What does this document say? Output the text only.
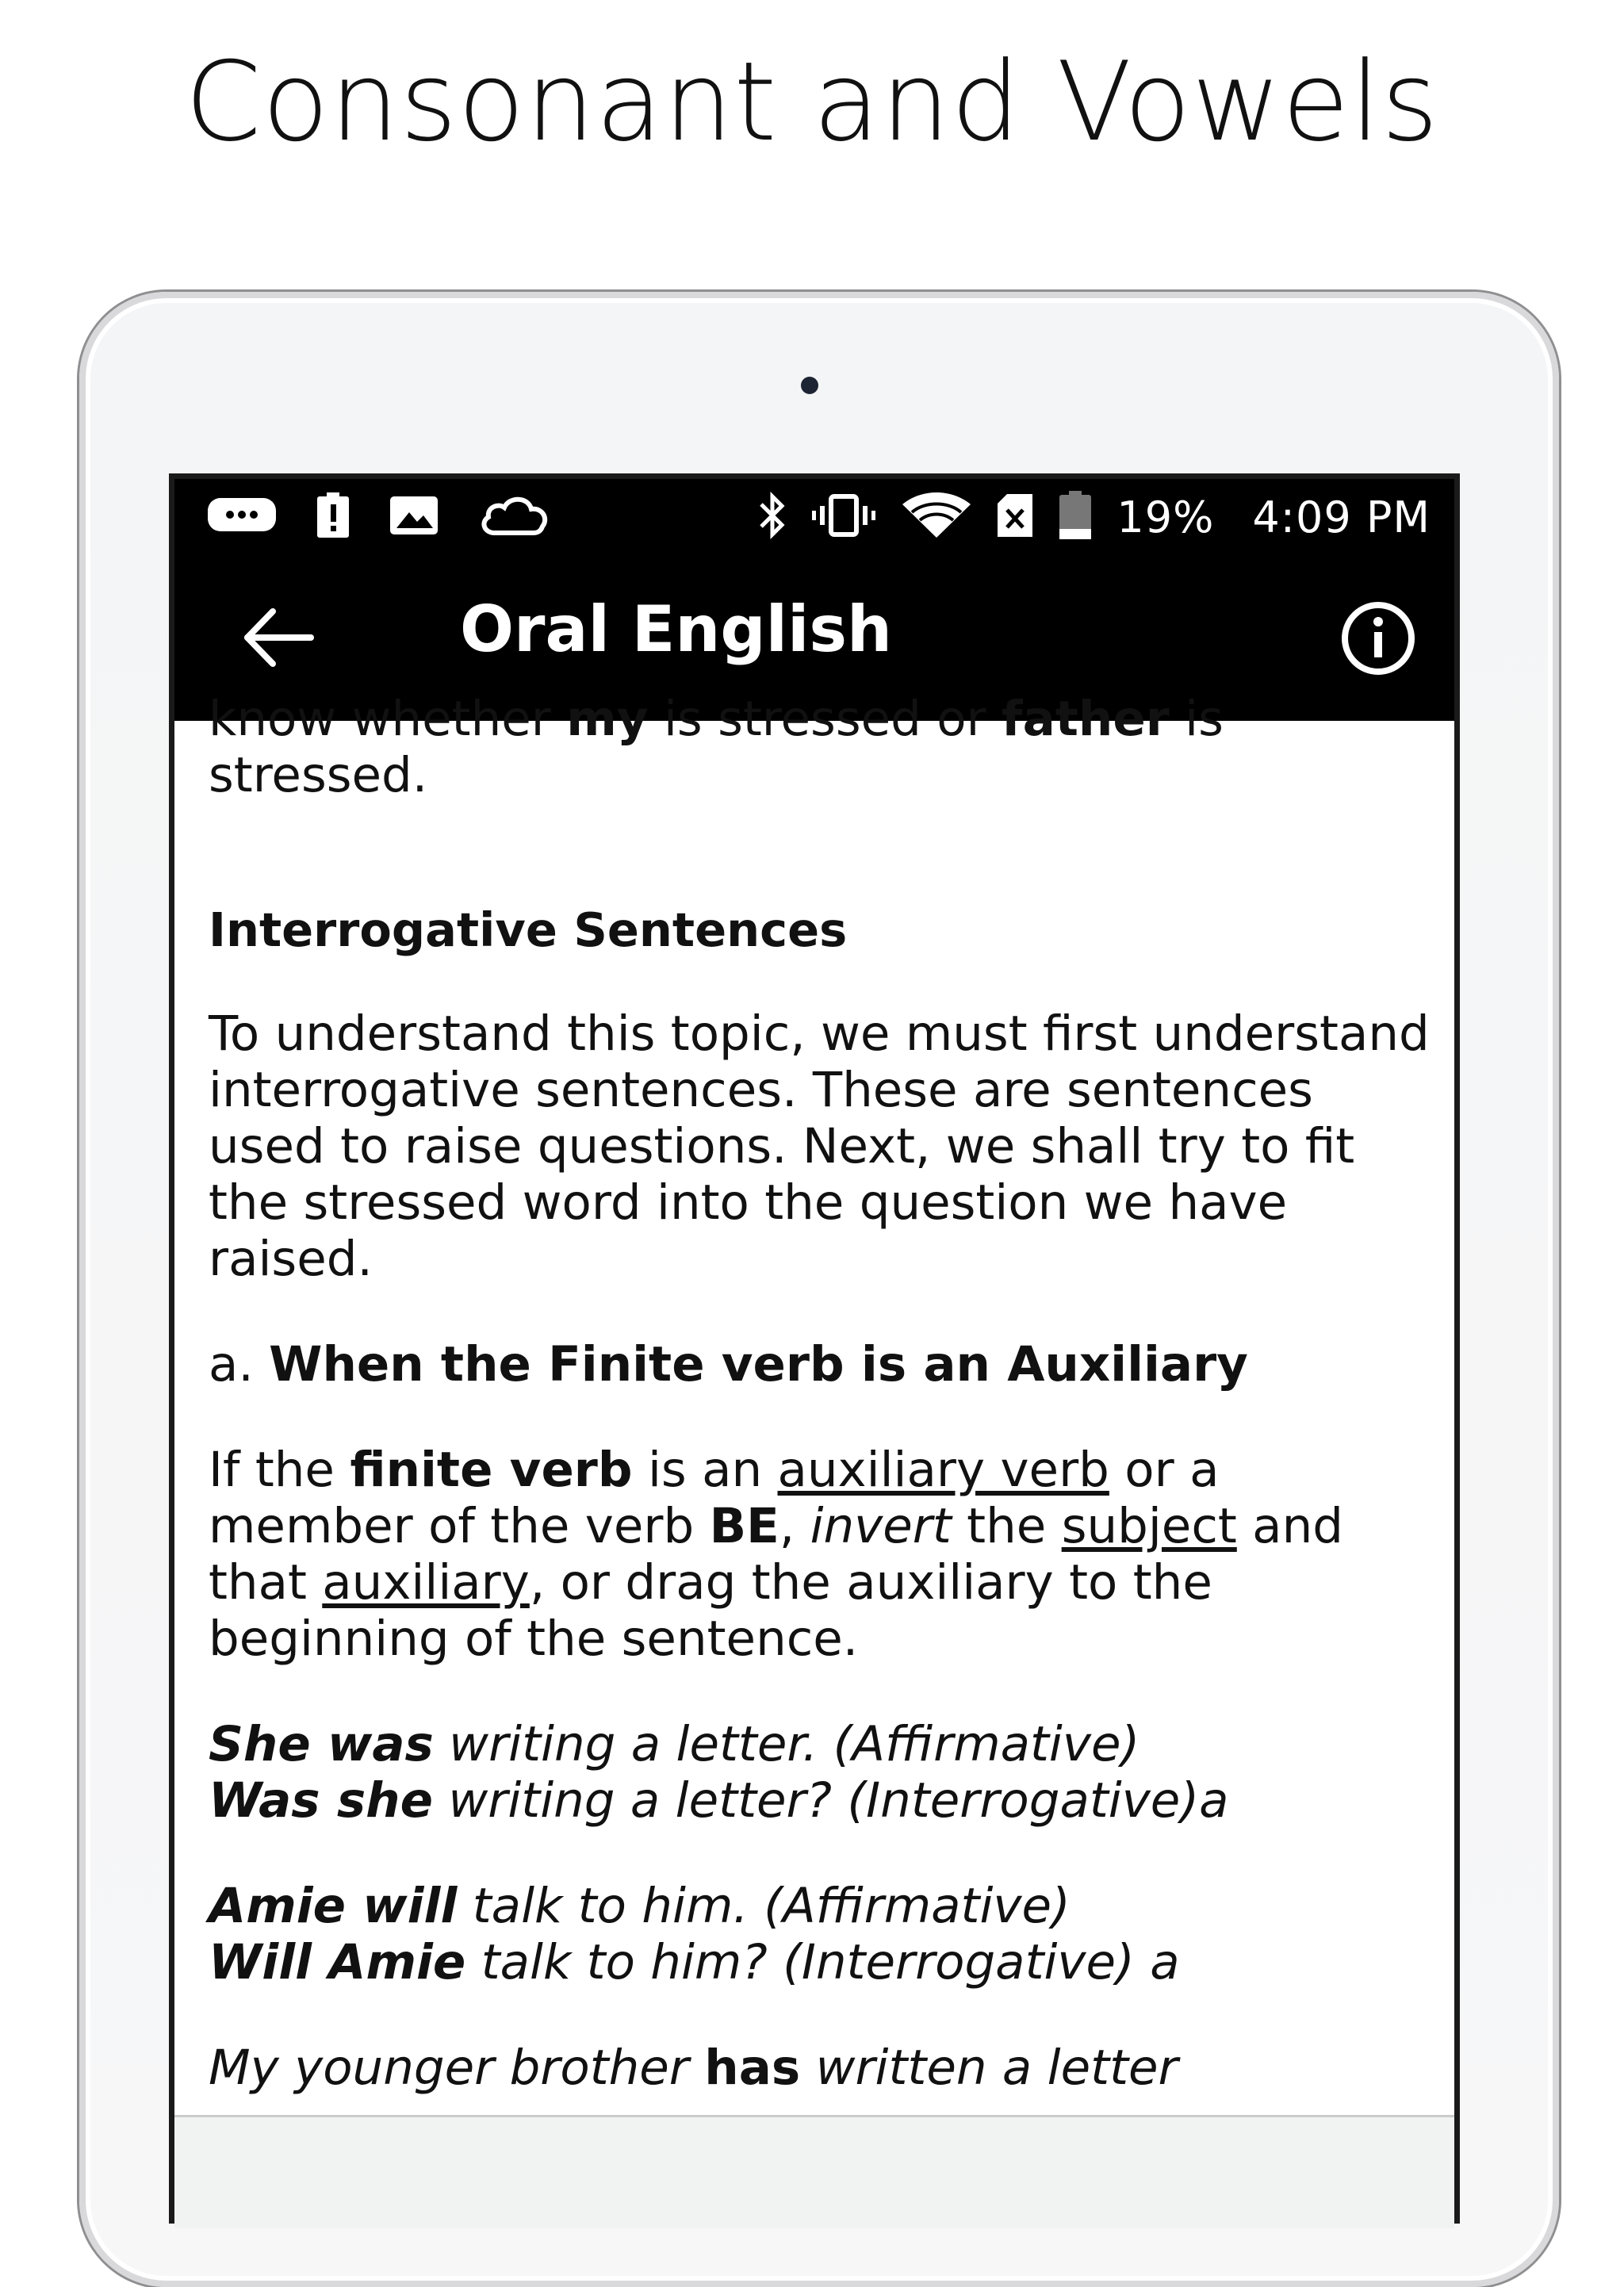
Consonant and Vowels
19% 4:09 PM
Oral English

know whether my is stressed or father is
stressed.

Interrogative Sentences

To understand this topic, we must first understand interrogative sentences. These are sentences used to raise questions. Next, we shall try to fit the stressed word into the question we have raised.

a. When the Finite verb is an Auxiliary

If the finite verb is an auxiliary verb or a member of the verb BE, invert the subject and that auxiliary, or drag the auxiliary to the beginning of the sentence.

She was writing a letter. (Affirmative)
Was she writing a letter? (Interrogative)a

Amie will talk to him. (Affirmative)
Will Amie talk to him? (Interrogative) a

My younger brother has written a letter
